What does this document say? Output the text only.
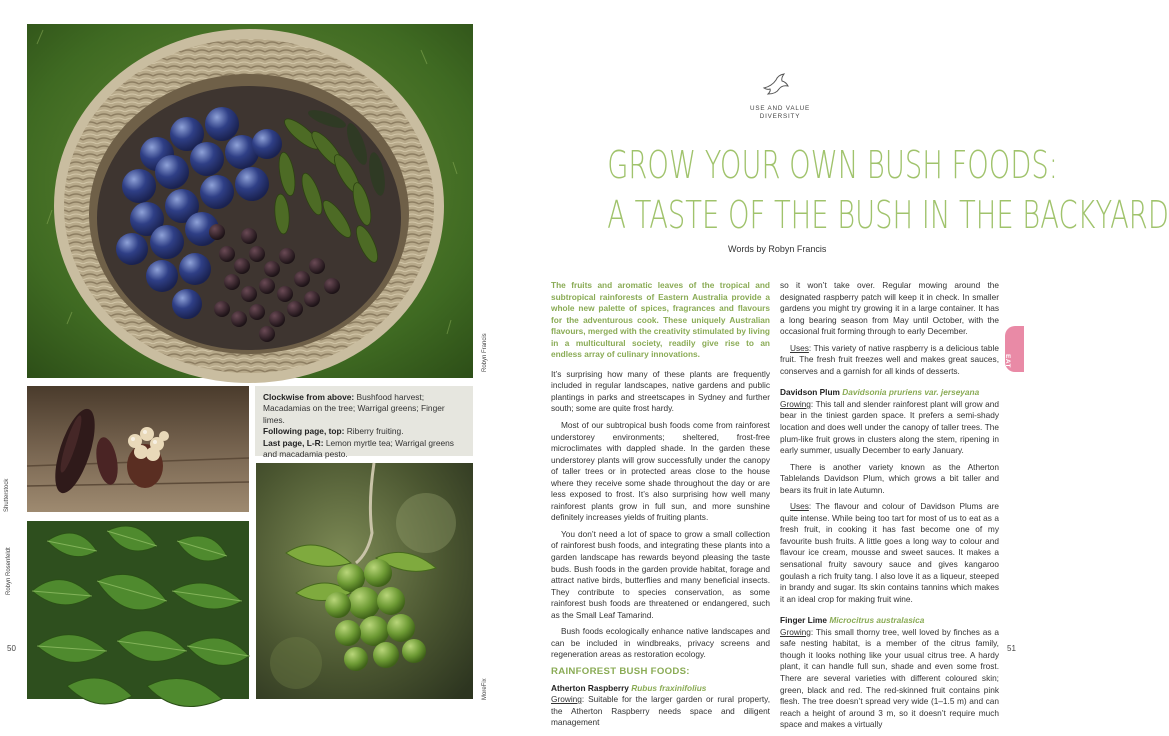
Robyn Francis
Shutterstock

Clockwise from above: Bushfood harvest; Macadamias on the tree; Warrigal greens; Finger limes.

Following page, top: Riberry fruiting.

Last page, L-R: Lemon myrtle tea; Warrigal greens and macadamia pesto.

Robyn Rosenfeldt
MoreFix
50	51
USE AND VALUE
DIVERSITY
GROW YOUR OWN BUSH FOODS:
A TASTE OF THE BUSH IN THE BACKYARD
Words by Robyn Francis
EAT

The fruits and aromatic leaves of the tropical and subtropical rainforests of Eastern Australia provide a whole new palette of spices, fragrances and flavours for the adventurous cook. These uniquely Australian flavours, merged with the creativity stimulated by living in a multicultural society, readily give rise to an endless array of culinary innovations.

It’s surprising how many of these plants are frequently included in regular landscapes, native gardens and public plantings in parks and streetscapes in Sydney and further south; some are quite frost hardy.

Most of our subtropical bush foods come from rainforest understorey environments; sheltered, frost-free microclimates with dappled shade. In the garden these understorey plants will grow successfully under the canopy of taller trees or in protected areas close to the house where they receive some shade throughout the day or are less exposed to frost. It’s also surprising how well many rainforest plants grow in full sun, and more sunshine definitely increases yields of fruiting plants.

You don’t need a lot of space to grow a small collection of rainforest bush foods, and integrating these plants into a garden landscape has rewards beyond pleasing the taste buds. Bush foods in the garden provide habitat, forage and attract native birds, butterflies and many beneficial insects. They contribute to species conservation, as some rainforest bush foods are threatened or endangered, such as the Small Leaf Tamarind.

Bush foods ecologically enhance native landscapes and can be included in windbreaks, privacy screens and regeneration areas as restoration ecology.

RAINFOREST BUSH FOODS:

Atherton Raspberry Rubus fraxinifolius

Growing: Suitable for the larger garden or rural property, the Atherton Raspberry needs space and diligent management

so it won’t take over. Regular mowing around the designated raspberry patch will keep it in check. In smaller gardens you might try growing it in a large container. It has a long bearing season from May until October, with the occasional fruit forming through to early December.

Uses: This variety of native raspberry is a delicious table fruit. The fresh fruit freezes well and makes great sauces, conserves and a garnish for all kinds of desserts.

Davidson Plum Davidsonia pruriens var. jerseyana

Growing: This tall and slender rainforest plant will grow and bear in the tiniest garden space. It prefers a semi-shady location and does well under the canopy of taller trees. The plum-like fruit grows in clusters along the stem, ripening in early summer, usually December to early January.

There is another variety known as the Atherton Tablelands Davidson Plum, which grows a bit taller and bears its fruit in late Autumn.

Uses: The flavour and colour of Davidson Plums are quite intense. While being too tart for most of us to eat as a fresh fruit, in cooking it has fast become one of my favourite bush fruits. A little goes a long way to colour and flavour ice cream, mousse and sweet sauces. It makes a sensational fruity savoury sauce and gives kangaroo goulash a rich fruity tang. I also love it as a liqueur, steeped in brandy and sugar. Its skin contains tannins which makes it an ideal crop for making fruit wine.

Finger Lime Microcitrus australasica

Growing: This small thorny tree, well loved by finches as a safe nesting habitat, is a member of the citrus family, though it looks nothing like your usual citrus tree. A hardy plant, it can handle full sun, shade and even some frost. There are several varieties with different coloured skin; green, black and red. The red-skinned fruit contains pink flesh. The tree doesn’t spread very wide (1–1.5 m) and can reach a height of around 3 m, so it doesn’t require much space and makes a virtually
